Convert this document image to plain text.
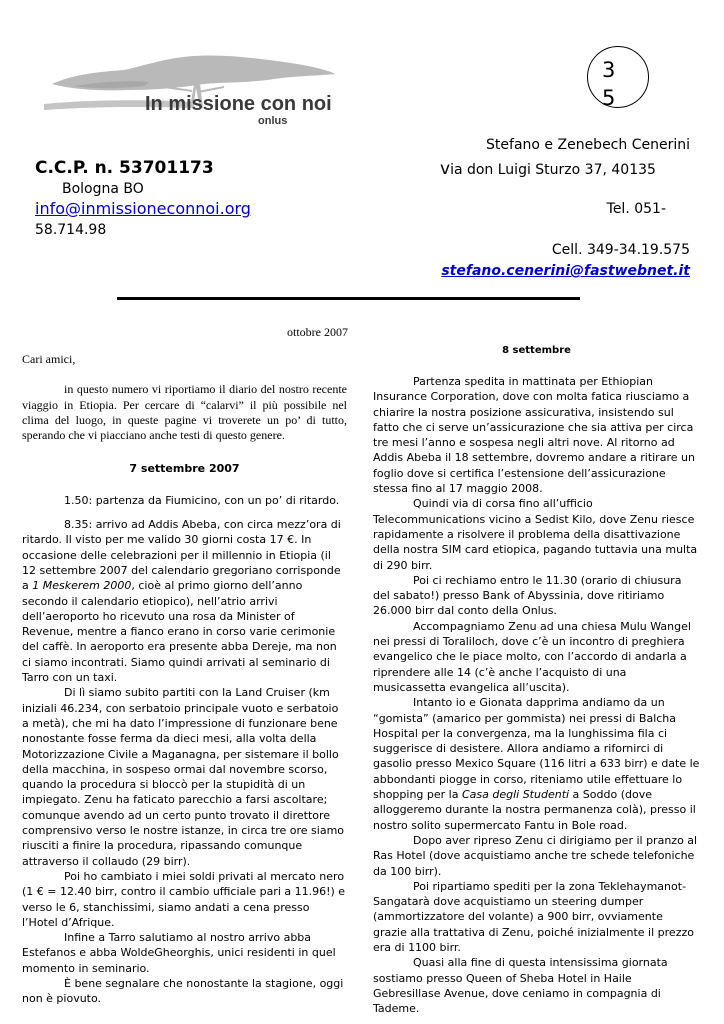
In missione con noi
onlus
35
Stefano e Zenebech Cenerini
C.C.P. n. 53701173	via don Luigi Sturzo 37, 40135
Bologna BO
info@inmissioneconnoi.org	Tel. 051-
58.714.98
Cell. 349-34.19.575
stefano.cenerini@fastwebnet.it
ottobre 2007

Cari amici,

in questo numero vi riportiamo il diario del nostro recente viaggio in Etiopia. Per cercare di “calarvi” il più possibile nel clima del luogo, in queste pagine vi troverete un po’ di tutto, sperando che vi piacciano anche testi di questo genere.

7 settembre 2007

1.50: partenza da Fiumicino, con un po’ di ritardo.

8.35: arrivo ad Addis Abeba, con circa mezz’ora di ritardo. Il visto per me valido 30 giorni costa 17 €. In occasione delle celebrazioni per il millennio in Etiopia (il 12 settembre 2007 del calendario gregoriano corrisponde a 1 Meskerem 2000, cioè al primo giorno dell’anno secondo il calendario etiopico), nell’atrio arrivi dell’aeroporto ho ricevuto una rosa da Minister of Revenue, mentre a fianco erano in corso varie cerimonie del caffè. In aeroporto era presente abba Dereje, ma non ci siamo incontrati. Siamo quindi arrivati al seminario di Tarro con un taxi.

Di lì siamo subito partiti con la Land Cruiser (km iniziali 46.234, con serbatoio principale vuoto e serbatoio a metà), che mi ha dato l’impressione di funzionare bene nonostante fosse ferma da dieci mesi, alla volta della Motorizzazione Civile a Maganagna, per sistemare il bollo della macchina, in sospeso ormai dal novembre scorso, quando la procedura si bloccò per la stupidità di un impiegato. Zenu ha faticato parecchio a farsi ascoltare; comunque avendo ad un certo punto trovato il direttore comprensivo verso le nostre istanze, in circa tre ore siamo riusciti a finire la procedura, ripassando comunque attraverso il collaudo (29 birr).

Poi ho cambiato i miei soldi privati al mercato nero (1 € = 12.40 birr, contro il cambio ufficiale pari a 11.96!) e verso le 6, stanchissimi, siamo andati a cena presso l’Hotel d’Afrique.

Infine a Tarro salutiamo al nostro arrivo abba Estefanos e abba WoldeGheorghis, unici residenti in quel momento in seminario.

È bene segnalare che nonostante la stagione, oggi non è piovuto.

8 settembre

Partenza spedita in mattinata per Ethiopian Insurance Corporation, dove con molta fatica riusciamo a chiarire la nostra posizione assicurativa, insistendo sul fatto che ci serve un’assicurazione che sia attiva per circa tre mesi l’anno e sospesa negli altri nove. Al ritorno ad Addis Abeba il 18 settembre, dovremo andare a ritirare un foglio dove si certifica l’estensione dell’assicurazione stessa fino al 17 maggio 2008.

Quindi via di corsa fino all’ufficio Telecommunications vicino a Sedist Kilo, dove Zenu riesce rapidamente a risolvere il problema della disattivazione della nostra SIM card etiopica, pagando tuttavia una multa di 290 birr.

Poi ci rechiamo entro le 11.30 (orario di chiusura del sabato!) presso Bank of Abyssinia, dove ritiriamo 26.000 birr dal conto della Onlus.

Accompagniamo Zenu ad una chiesa Mulu Wangel nei pressi di Toraliloch, dove c’è un incontro di preghiera evangelico che le piace molto, con l’accordo di andarla a riprendere alle 14 (c’è anche l’acquisto di una musicassetta evangelica all’uscita).

Intanto io e Gionata dapprima andiamo da un “gomista” (amarico per gommista) nei pressi di Balcha Hospital per la convergenza, ma la lunghissima fila ci suggerisce di desistere. Allora andiamo a rifornirci di gasolio presso Mexico Square (116 litri a 633 birr) e date le abbondanti piogge in corso, riteniamo utile effettuare lo shopping per la Casa degli Studenti a Soddo (dove alloggeremo durante la nostra permanenza colà), presso il nostro solito supermercato Fantu in Bole road.

Dopo aver ripreso Zenu ci dirigiamo per il pranzo al Ras Hotel (dove acquistiamo anche tre schede telefoniche da 100 birr).

Poi ripartiamo spediti per la zona Teklehaymanot-Sangatarà dove acquistiamo un steering dumper (ammortizzatore del volante) a 900 birr, ovviamente grazie alla trattativa di Zenu, poiché inizialmente il prezzo era di 1100 birr.

Quasi alla fine di questa intensissima giornata sostiamo presso Queen of Sheba Hotel in Haile Gebresillase Avenue, dove ceniamo in compagnia di Tademe.
